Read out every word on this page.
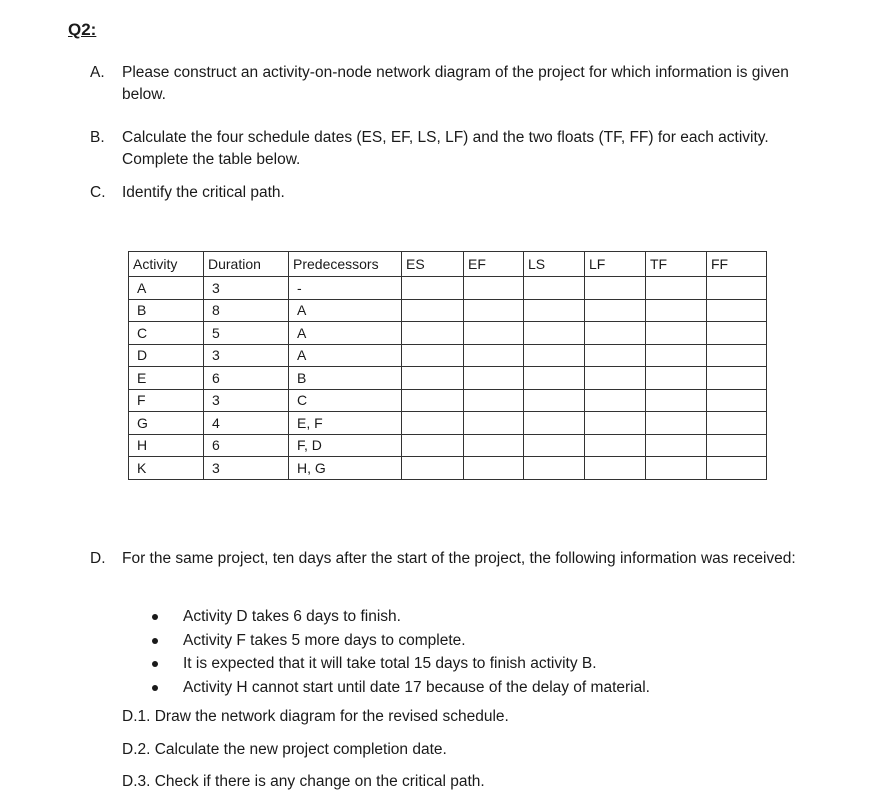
Q2:
A.	Please construct an activity-on-node network diagram of the project for which information is given below.
B.	Calculate the four schedule dates (ES, EF, LS, LF) and the two floats (TF, FF) for each activity. Complete the table below.
C.	Identify the critical path.
Activity	Duration	Predecessors	ES	EF	LS	LF	TF	FF
A	3	-						
B	8	A						
C	5	A						
D	3	A						
E	6	B						
F	3	C						
G	4	E, F						
H	6	F, D						
K	3	H, G						
D.	For the same project, ten days after the start of the project, the following information was received:
Activity D takes 6 days to finish.
Activity F takes 5 more days to complete.
It is expected that it will take total 15 days to finish activity B.
Activity H cannot start until date 17 because of the delay of material.
D.1. Draw the network diagram for the revised schedule.
D.2. Calculate the new project completion date.
D.3. Check if there is any change on the critical path.
